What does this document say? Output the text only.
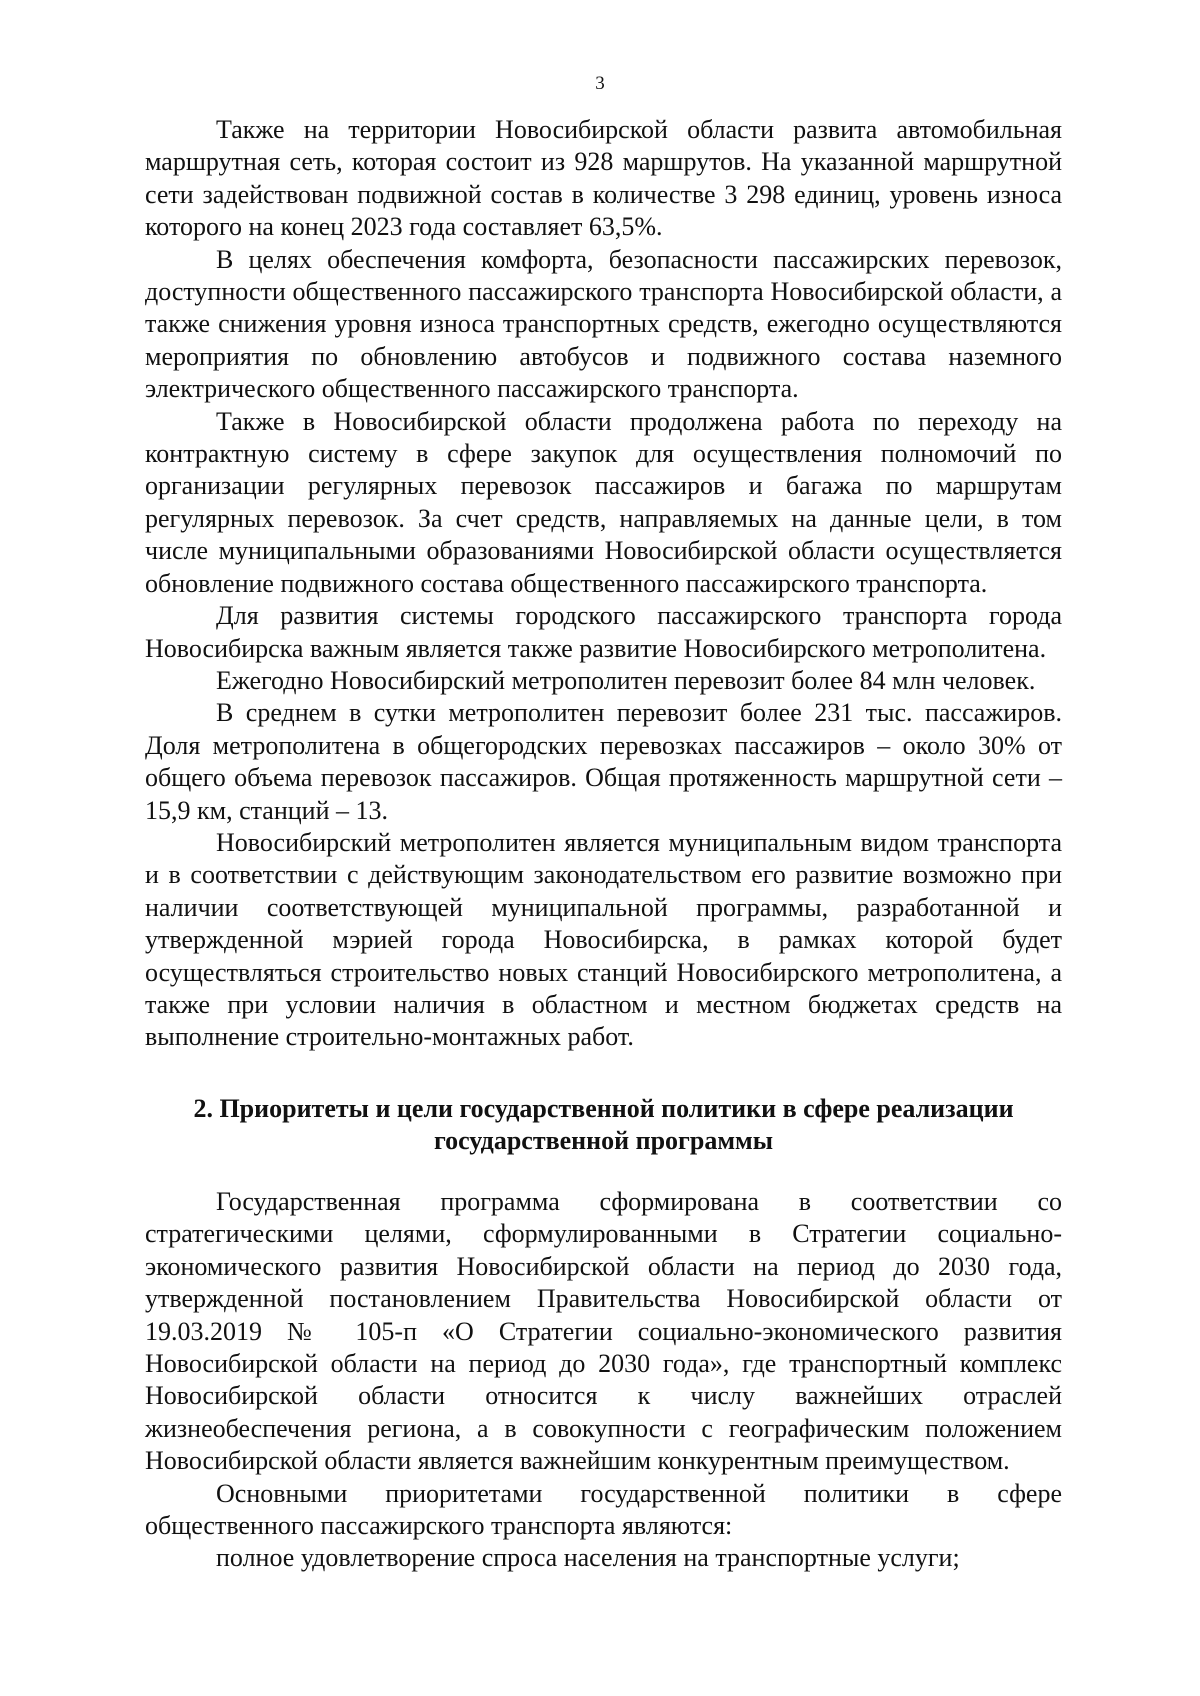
3

Также на территории Новосибирской области развита автомобильная маршрутная сеть, которая состоит из 928 маршрутов. На указанной маршрутной сети задействован подвижной состав в количестве 3 298 единиц, уровень износа которого на конец 2023 года составляет 63,5%.

В целях обеспечения комфорта, безопасности пассажирских перевозок, доступности общественного пассажирского транспорта Новосибирской области, а также снижения уровня износа транспортных средств, ежегодно осуществляются мероприятия по обновлению автобусов и подвижного состава наземного электрического общественного пассажирского транспорта.

Также в Новосибирской области продолжена работа по переходу на контрактную систему в сфере закупок для осуществления полномочий по организации регулярных перевозок пассажиров и багажа по маршрутам регулярных перевозок. За счет средств, направляемых на данные цели, в том числе муниципальными образованиями Новосибирской области осуществляется обновление подвижного состава общественного пассажирского транспорта.

Для развития системы городского пассажирского транспорта города Новосибирска важным является также развитие Новосибирского метрополитена.

Ежегодно Новосибирский метрополитен перевозит более 84 млн человек.

В среднем в сутки метрополитен перевозит более 231 тыс. пассажиров. Доля метрополитена в общегородских перевозках пассажиров – около 30% от общего объема перевозок пассажиров. Общая протяженность маршрутной сети – 15,9 км, станций – 13.

Новосибирский метрополитен является муниципальным видом транспорта и в соответствии с действующим законодательством его развитие возможно при наличии соответствующей муниципальной программы, разработанной и утвержденной мэрией города Новосибирска, в рамках которой будет осуществляться строительство новых станций Новосибирского метрополитена, а также при условии наличия в областном и местном бюджетах средств на выполнение строительно-монтажных работ.

2. Приоритеты и цели государственной политики в сфере реализации
государственной программы

Государственная программа сформирована в соответствии со стратегическими целями, сформулированными в Стратегии социально-экономического развития Новосибирской области на период до 2030 года, утвержденной постановлением Правительства Новосибирской области от 19.03.2019 № 105-п «О Стратегии социально-экономического развития Новосибирской области на период до 2030 года», где транспортный комплекс Новосибирской области относится к числу важнейших отраслей жизнеобеспечения региона, а в совокупности с географическим положением Новосибирской области является важнейшим конкурентным преимуществом.

Основными приоритетами государственной политики в сфере общественного пассажирского транспорта являются:

полное удовлетворение спроса населения на транспортные услуги;
